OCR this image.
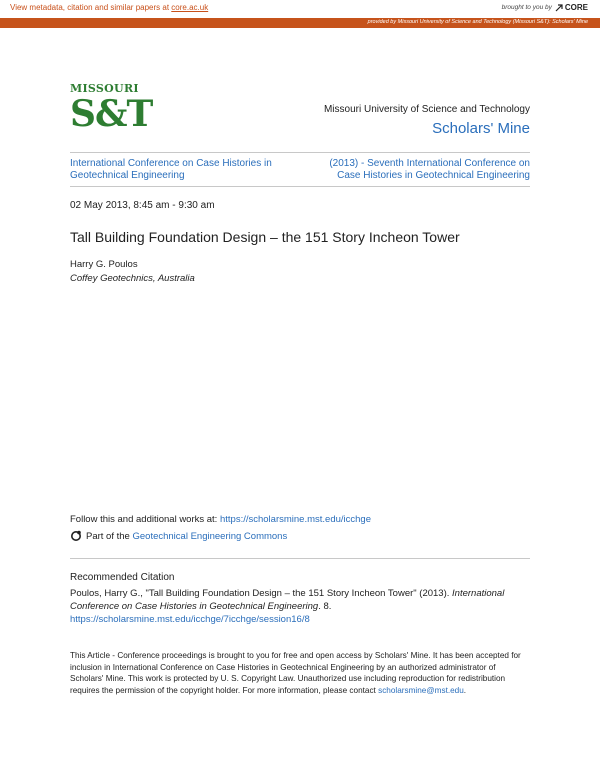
View metadata, citation and similar papers at core.ac.uk	brought to you by CORE
provided by Missouri University of Science and Technology (Missouri S&T): Scholars' Mine
MISSOURI
S&T	Missouri University of Science and Technology
Scholars' Mine
International Conference on Case Histories in Geotechnical Engineering
(2013) - Seventh International Conference on Case Histories in Geotechnical Engineering
02 May 2013, 8:45 am - 9:30 am
Tall Building Foundation Design – the 151 Story Incheon Tower
Harry G. Poulos
Coffey Geotechnics, Australia
Follow this and additional works at: https://scholarsmine.mst.edu/icchge
Part of the Geotechnical Engineering Commons
Recommended Citation
Poulos, Harry G., "Tall Building Foundation Design – the 151 Story Incheon Tower" (2013). International Conference on Case Histories in Geotechnical Engineering. 8.
https://scholarsmine.mst.edu/icchge/7icchge/session16/8
This Article - Conference proceedings is brought to you for free and open access by Scholars' Mine. It has been accepted for inclusion in International Conference on Case Histories in Geotechnical Engineering by an authorized administrator of Scholars' Mine. This work is protected by U. S. Copyright Law. Unauthorized use including reproduction for redistribution requires the permission of the copyright holder. For more information, please contact scholarsmine@mst.edu.
